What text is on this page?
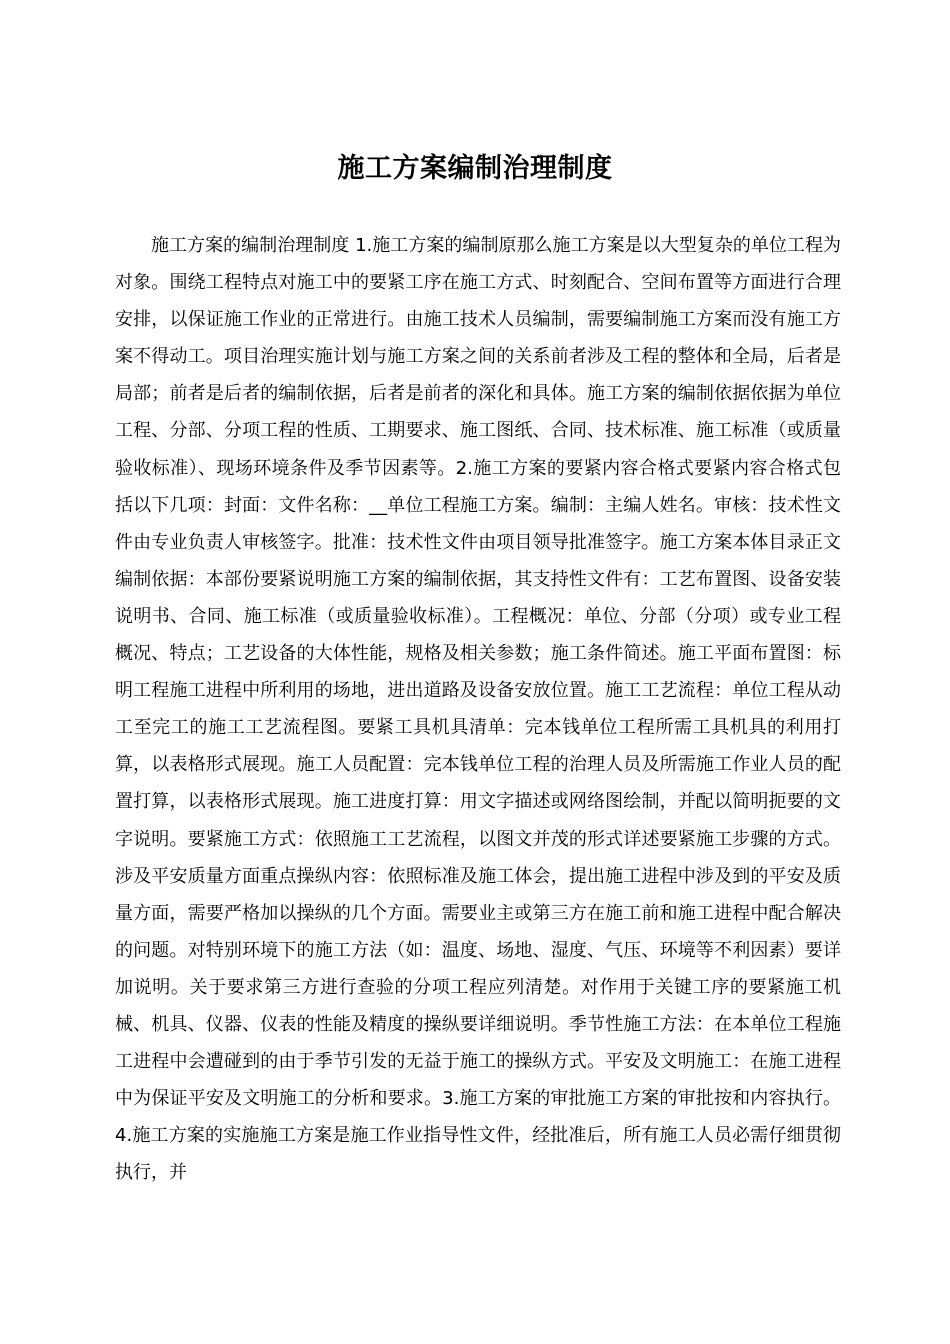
施工方案编制治理制度

施工方案的编制治理制度 1.施工方案的编制原那么施工方案是以大型复杂的单位工程为对象。围绕工程特点对施工中的要紧工序在施工方式、时刻配合、空间布置等方面进行合理安排，以保证施工作业的正常进行。由施工技术人员编制，需要编制施工方案而没有施工方案不得动工。项目治理实施计划与施工方案之间的关系前者涉及工程的整体和全局，后者是局部；前者是后者的编制依据，后者是前者的深化和具体。施工方案的编制依据依据为单位工程、分部、分项工程的性质、工期要求、施工图纸、合同、技术标准、施工标准（或质量验收标准）、现场环境条件及季节因素等。2.施工方案的要紧内容合格式要紧内容合格式包括以下几项：封面：文件名称：__单位工程施工方案。编制：主编人姓名。审核：技术性文件由专业负责人审核签字。批准：技术性文件由项目领导批准签字。施工方案本体目录正文编制依据：本部份要紧说明施工方案的编制依据，其支持性文件有：工艺布置图、设备安装说明书、合同、施工标准（或质量验收标准）。工程概况：单位、分部（分项）或专业工程概况、特点；工艺设备的大体性能，规格及相关参数；施工条件简述。施工平面布置图：标明工程施工进程中所利用的场地，进出道路及设备安放位置。施工工艺流程：单位工程从动工至完工的施工工艺流程图。要紧工具机具清单：完本钱单位工程所需工具机具的利用打算，以表格形式展现。施工人员配置：完本钱单位工程的治理人员及所需施工作业人员的配置打算，以表格形式展现。施工进度打算：用文字描述或网络图绘制，并配以简明扼要的文字说明。要紧施工方式：依照施工工艺流程，以图文并茂的形式详述要紧施工步骤的方式。涉及平安质量方面重点操纵内容：依照标准及施工体会，提出施工进程中涉及到的平安及质量方面，需要严格加以操纵的几个方面。需要业主或第三方在施工前和施工进程中配合解决的问题。对特别环境下的施工方法（如：温度、场地、湿度、气压、环境等不利因素）要详加说明。关于要求第三方进行查验的分项工程应列清楚。对作用于关键工序的要紧施工机械、机具、仪器、仪表的性能及精度的操纵要详细说明。季节性施工方法：在本单位工程施工进程中会遭碰到的由于季节引发的无益于施工的操纵方式。平安及文明施工：在施工进程中为保证平安及文明施工的分析和要求。3.施工方案的审批施工方案的审批按和内容执行。4.施工方案的实施施工方案是施工作业指导性文件，经批准后，所有施工人员必需仔细贯彻执行，并
